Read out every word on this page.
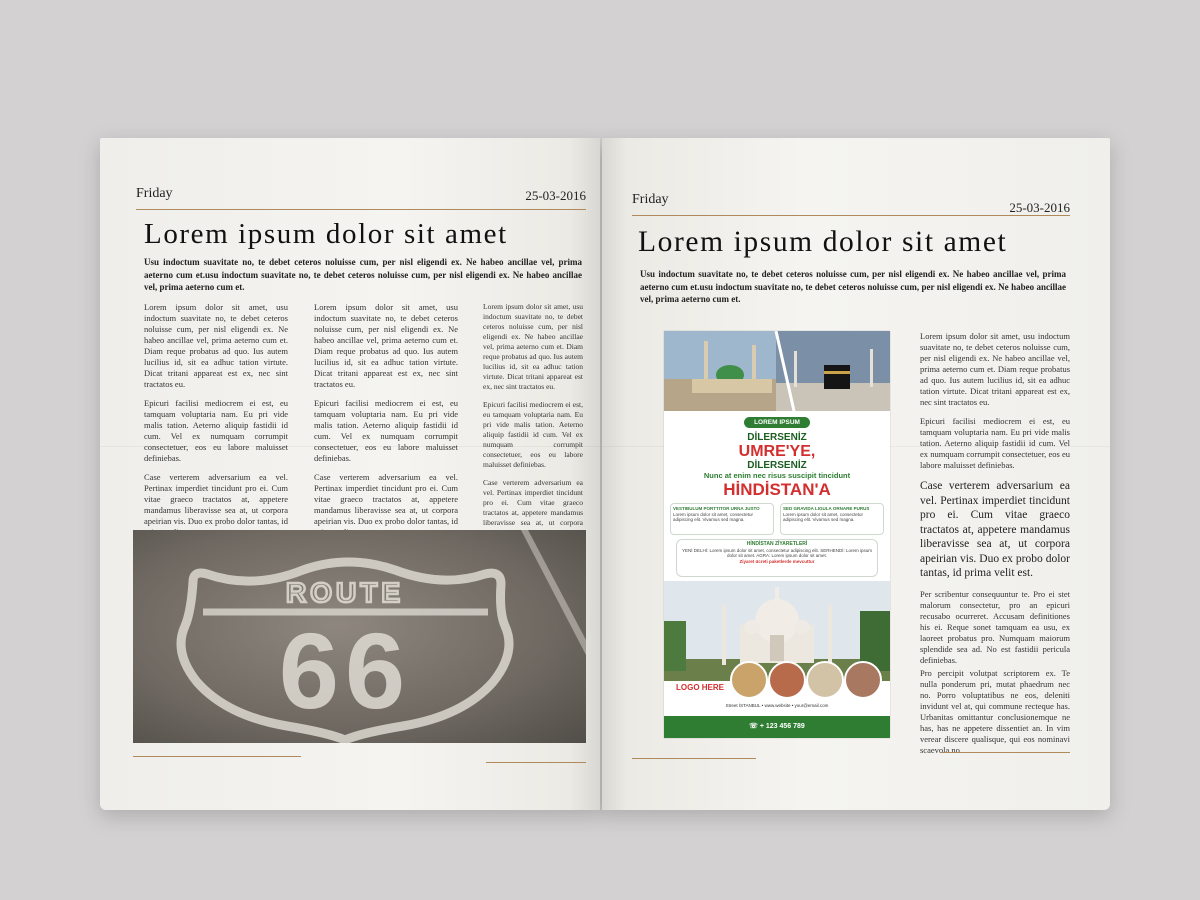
Friday	25-03-2016
Lorem ipsum dolor sit amet
Usu indoctum suavitate no, te debet ceteros noluisse cum, per nisl eligendi ex. Ne habeo ancillae vel, prima aeterno cum et.usu indoctum suavitate no, te debet ceteros noluisse cum, per nisl eligendi ex. Ne habeo ancillae vel, prima aeterno cum et.

Lorem ipsum dolor sit amet, usu indoctum suavitate no, te debet ceteros noluisse cum, per nisl eligendi ex. Ne habeo ancillae vel, prima aeterno cum et. Diam reque probatus ad quo. Ius autem lucilius id, sit ea adhuc tation virtute. Dicat tritani appareat est ex, nec sint tractatos eu.

Epicuri facilisi mediocrem ei est, eu tamquam voluptaria nam. Eu pri vide malis tation. Aeterno aliquip fastidii id cum. Vel ex numquam corrumpit consectetuer, eos eu labore maluisset definiebas.

Case verterem adversarium ea vel. Pertinax imperdiet tincidunt pro ei. Cum vitae graeco tractatos at, appetere mandamus liberavisse sea at, ut corpora apeirian vis. Duo ex probo dolor tantas, id

Lorem ipsum dolor sit amet, usu indoctum suavitate no, te debet ceteros noluisse cum, per nisl eligendi ex. Ne habeo ancillae vel, prima aeterno cum et. Diam reque probatus ad quo. Ius autem lucilius id, sit ea adhuc tation virtute. Dicat tritani appareat est ex, nec sint tractatos eu.

Epicuri facilisi mediocrem ei est, eu tamquam voluptaria nam. Eu pri vide malis tation. Aeterno aliquip fastidii id cum. Vel ex numquam corrumpit consectetuer, eos eu labore maluisset definiebas.

Case verterem adversarium ea vel. Pertinax imperdiet tincidunt pro ei. Cum vitae graeco tractatos at, appetere mandamus liberavisse sea at, ut corpora apeirian vis. Duo ex probo dolor tantas, id

Lorem ipsum dolor sit amet, usu indoctum suavitate no, te debet ceteros noluisse cum, per nisl eligendi ex. Ne habeo ancillae vel, prima aeterno cum et. Diam reque probatus ad quo. Ius autem lucilius id, sit ea adhuc tation virtute. Dicat tritani appareat est ex, nec sint tractatos eu.

Epicuri facilisi mediocrem ei est, eu tamquam voluptaria nam. Eu pri vide malis tation. Aeterno aliquip fastidii id cum. Vel ex numquam corrumpit consectetuer, eos eu labore maluisset definiebas.

Case verterem adversarium ea vel. Pertinax imperdiet tincidunt pro ei. Cum vitae graeco tractatos at, appetere mandamus liberavisse sea at, ut corpora

ROUTE
66
Friday
25-03-2016
Lorem ipsum dolor sit amet
Usu indoctum suavitate no, te debet ceteros noluisse cum, per nisl eligendi ex. Ne habeo ancillae vel, prima aeterno cum et.usu indoctum suavitate no, te debet ceteros noluisse cum, per nisl eligendi ex. Ne habeo ancillae vel, prima aeterno cum et.
LOREM IPSUM
DİLERSENİZ
UMRE'YE,
DİLERSENİZ
Nunc at enim nec risus suscipit tincidunt
HİNDİSTAN'A
VESTIBULUM PORTTITOR URNA JUSTO
Lorem ipsum dolor sit amet, consectetur adipiscing elit. Vivamus sed magna.
SED GRAVIDA LIGULA ORNARE PURUS
Lorem ipsum dolor sit amet, consectetur adipiscing elit. Vivamus sed magna.
HİNDİSTAN ZİYARETLERİ
YENİ DELHİ: Lorem ipsum dolor sit amet, consectetur adipiscing elit. SERHENDİ: Lorem ipsum dolor sit amet. AGRA: Lorem ipsum dolor sit amet.
Ziyaret ücreti paketlerde mevcuttur
LOGO HERE
Street İSTANBUL • www.website • your@email.com
☏ + 123 456 789

Lorem ipsum dolor sit amet, usu indoctum suavitate no, te debet ceteros noluisse cum, per nisl eligendi ex. Ne habeo ancillae vel, prima aeterno cum et. Diam reque probatus ad quo. Ius autem lucilius id, sit ea adhuc tation virtute. Dicat tritani appareat est ex, nec sint tractatos eu.

Epicuri facilisi mediocrem ei est, eu tamquam voluptaria nam. Eu pri vide malis tation. Aeterno aliquip fastidii id cum. Vel ex numquam corrumpit consectetuer, eos eu labore maluisset definiebas.

Case verterem adversarium ea vel. Pertinax imperdiet tincidunt pro ei. Cum vitae graeco tractatos at, appetere mandamus liberavisse sea at, ut corpora apeirian vis. Duo ex probo dolor tantas, id prima velit est.

Per scribentur consequuntur te. Pro ei stet malorum consectetur, pro an epicuri recusabo ocurreret. Accusam definitiones his ei. Reque sonet tamquam ea usu, ex laoreet probatus pro. Numquam maiorum splendide sea ad. No est fastidii pericula definiebas.

Pro percipit volutpat scriptorem ex. Te nulla ponderum pri, mutat phaedrum nec no. Porro voluptatibus ne eos, deleniti invidunt vel at, qui commune recteque has. Urbanitas omittantur conclusionemque ne has, has ne appetere dissentiet an. In vim verear discere qualisque, qui eos nominavi scaevola no.
